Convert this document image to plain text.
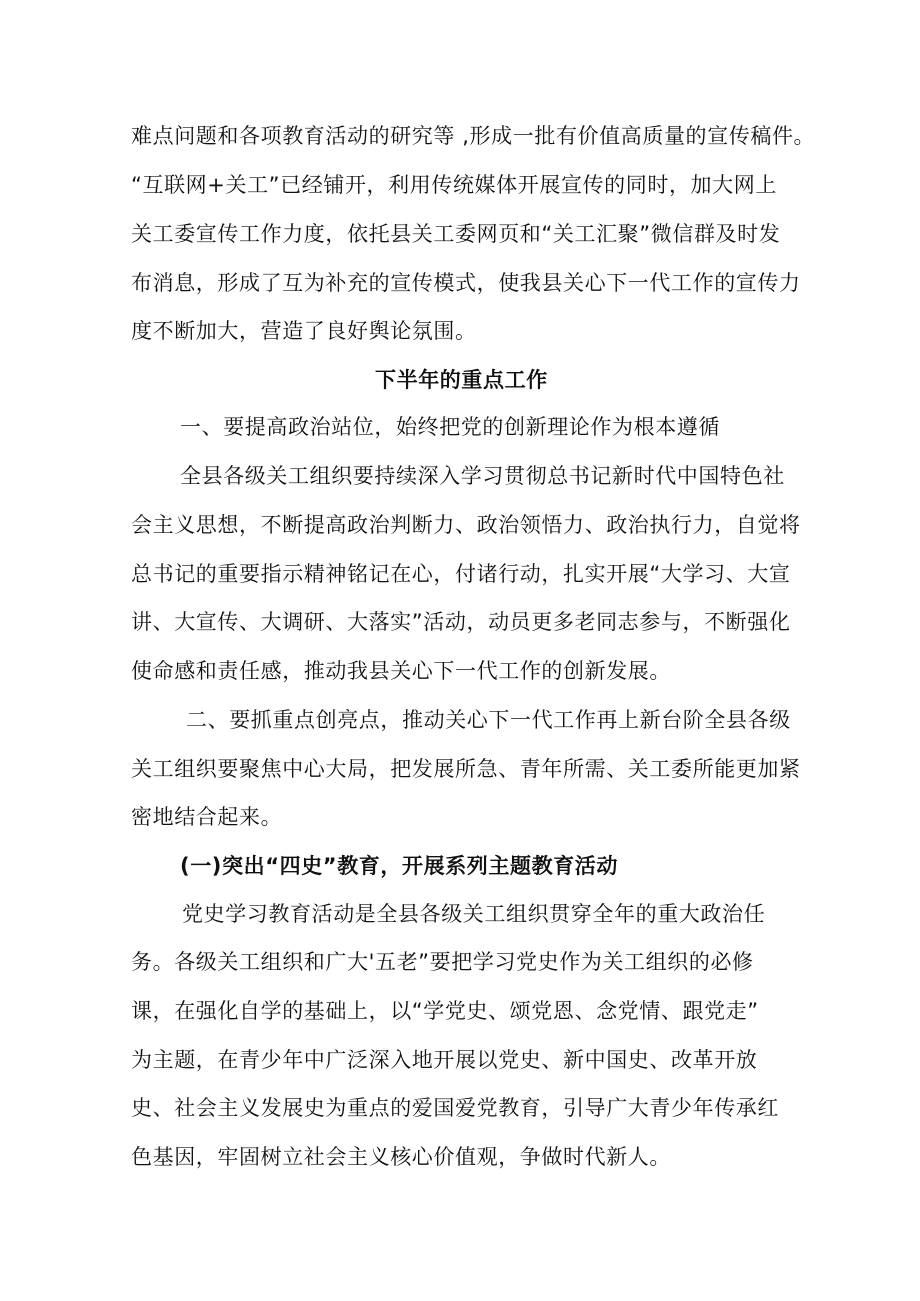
难点问题和各项教育活动的研究等 ,形成一批有价值高质量的宣传稿件。
“互联网+关工”已经铺开，利用传统媒体开展宣传的同时，加大网上
关工委宣传工作力度，依托县关工委网页和“关工汇聚”微信群及时发
布消息，形成了互为补充的宣传模式，使我县关心下一代工作的宣传力
度不断加大，营造了良好舆论氛围。
下半年的重点工作
一、要提高政治站位，始终把党的创新理论作为根本遵循
全县各级关工组织要持续深入学习贯彻总书记新时代中国特色社
会主义思想，不断提高政治判断力、政治领悟力、政治执行力，自觉将
总书记的重要指示精神铭记在心，付诸行动，扎实开展“大学习、大宣
讲、大宣传、大调研、大落实”活动，动员更多老同志参与，不断强化
使命感和责任感，推动我县关心下一代工作的创新发展。
二、要抓重点创亮点，推动关心下一代工作再上新台阶全县各级
关工组织要聚焦中心大局，把发展所急、青年所需、关工委所能更加紧
密地结合起来。
(一)突出“四史”教育，开展系列主题教育活动
党史学习教育活动是全县各级关工组织贯穿全年的重大政治任
务。各级关工组织和广大'五老”要把学习党史作为关工组织的必修
课，在强化自学的基础上，以“学党史、颂党恩、念党情、跟党走”
为主题，在青少年中广泛深入地开展以党史、新中国史、改革开放
史、社会主义发展史为重点的爱国爱党教育，引导广大青少年传承红
色基因，牢固树立社会主义核心价值观，争做时代新人。
